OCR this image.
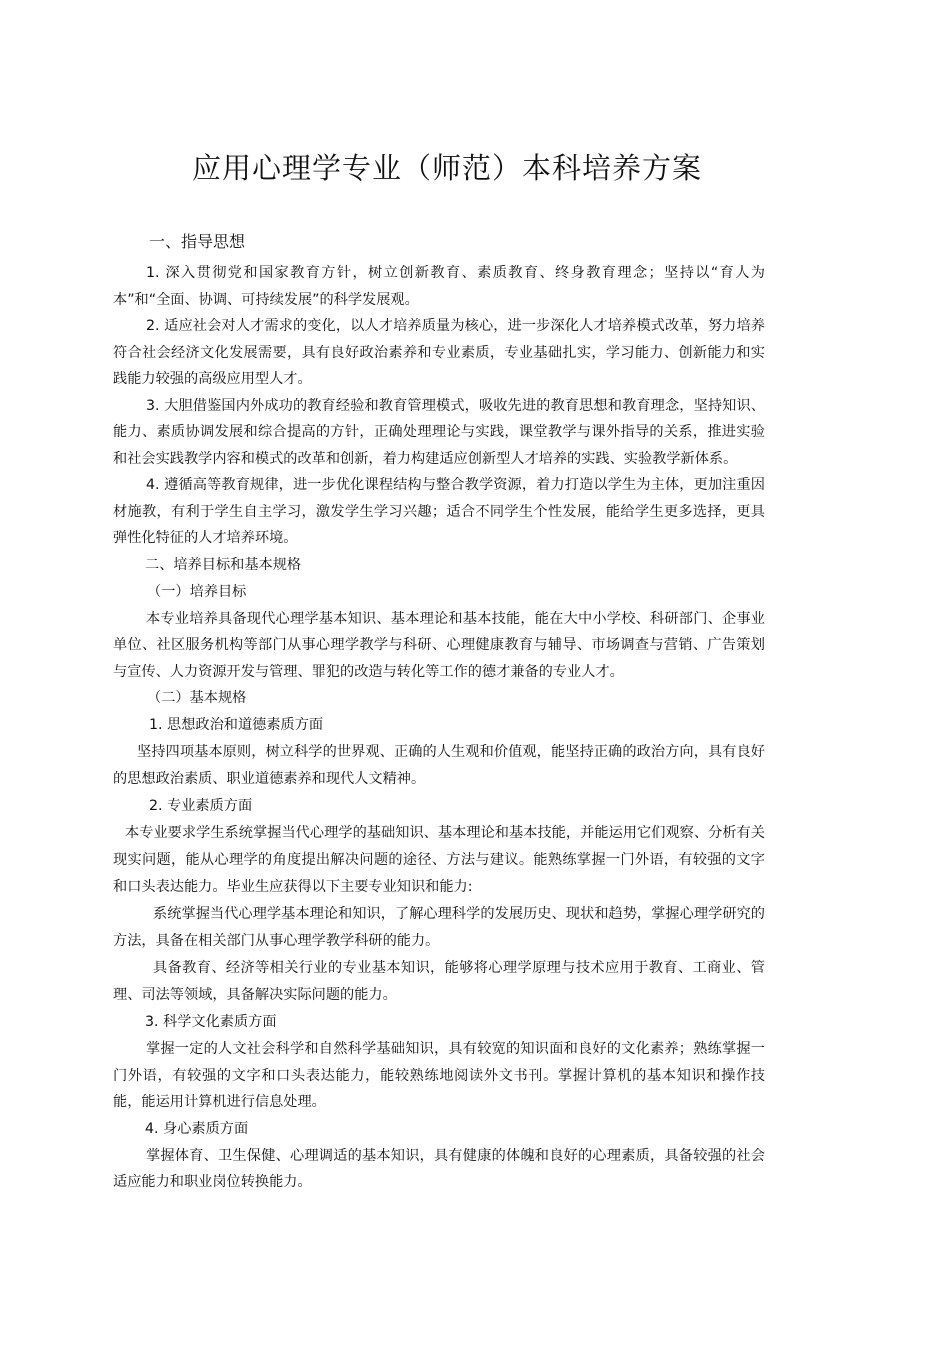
应用心理学专业（师范）本科培养方案
一、指导思想

1. 深入贯彻党和国家教育方针，树立创新教育、素质教育、终身教育理念；坚持以“育人为本”和“全面、协调、可持续发展”的科学发展观。

2. 适应社会对人才需求的变化，以人才培养质量为核心，进一步深化人才培养模式改革，努力培养符合社会经济文化发展需要，具有良好政治素养和专业素质，专业基础扎实，学习能力、创新能力和实践能力较强的高级应用型人才。

3. 大胆借鉴国内外成功的教育经验和教育管理模式，吸收先进的教育思想和教育理念，坚持知识、能力、素质协调发展和综合提高的方针，正确处理理论与实践，课堂教学与课外指导的关系，推进实验和社会实践教学内容和模式的改革和创新，着力构建适应创新型人才培养的实践、实验教学新体系。

4. 遵循高等教育规律，进一步优化课程结构与整合教学资源，着力打造以学生为主体，更加注重因材施教，有利于学生自主学习，激发学生学习兴趣；适合不同学生个性发展，能给学生更多选择，更具弹性化特征的人才培养环境。

二、培养目标和基本规格
（一）培养目标

本专业培养具备现代心理学基本知识、基本理论和基本技能，能在大中小学校、科研部门、企事业单位、社区服务机构等部门从事心理学教学与科研、心理健康教育与辅导、市场调查与营销、广告策划与宣传、人力资源开发与管理、罪犯的改造与转化等工作的德才兼备的专业人才。

（二）基本规格
1. 思想政治和道德素质方面

坚持四项基本原则，树立科学的世界观、正确的人生观和价值观，能坚持正确的政治方向，具有良好的思想政治素质、职业道德素养和现代人文精神。

2. 专业素质方面

本专业要求学生系统掌握当代心理学的基础知识、基本理论和基本技能，并能运用它们观察、分析有关现实问题，能从心理学的角度提出解决问题的途径、方法与建议。能熟练掌握一门外语，有较强的文字和口头表达能力。毕业生应获得以下主要专业知识和能力:

系统掌握当代心理学基本理论和知识，了解心理科学的发展历史、现状和趋势，掌握心理学研究的方法，具备在相关部门从事心理学教学科研的能力。

具备教育、经济等相关行业的专业基本知识，能够将心理学原理与技术应用于教育、工商业、管理、司法等领域，具备解决实际问题的能力。

3. 科学文化素质方面

掌握一定的人文社会科学和自然科学基础知识，具有较宽的知识面和良好的文化素养；熟练掌握一门外语，有较强的文字和口头表达能力，能较熟练地阅读外文书刊。掌握计算机的基本知识和操作技能，能运用计算机进行信息处理。

4. 身心素质方面

掌握体育、卫生保健、心理调适的基本知识，具有健康的体魄和良好的心理素质，具备较强的社会适应能力和职业岗位转换能力。
